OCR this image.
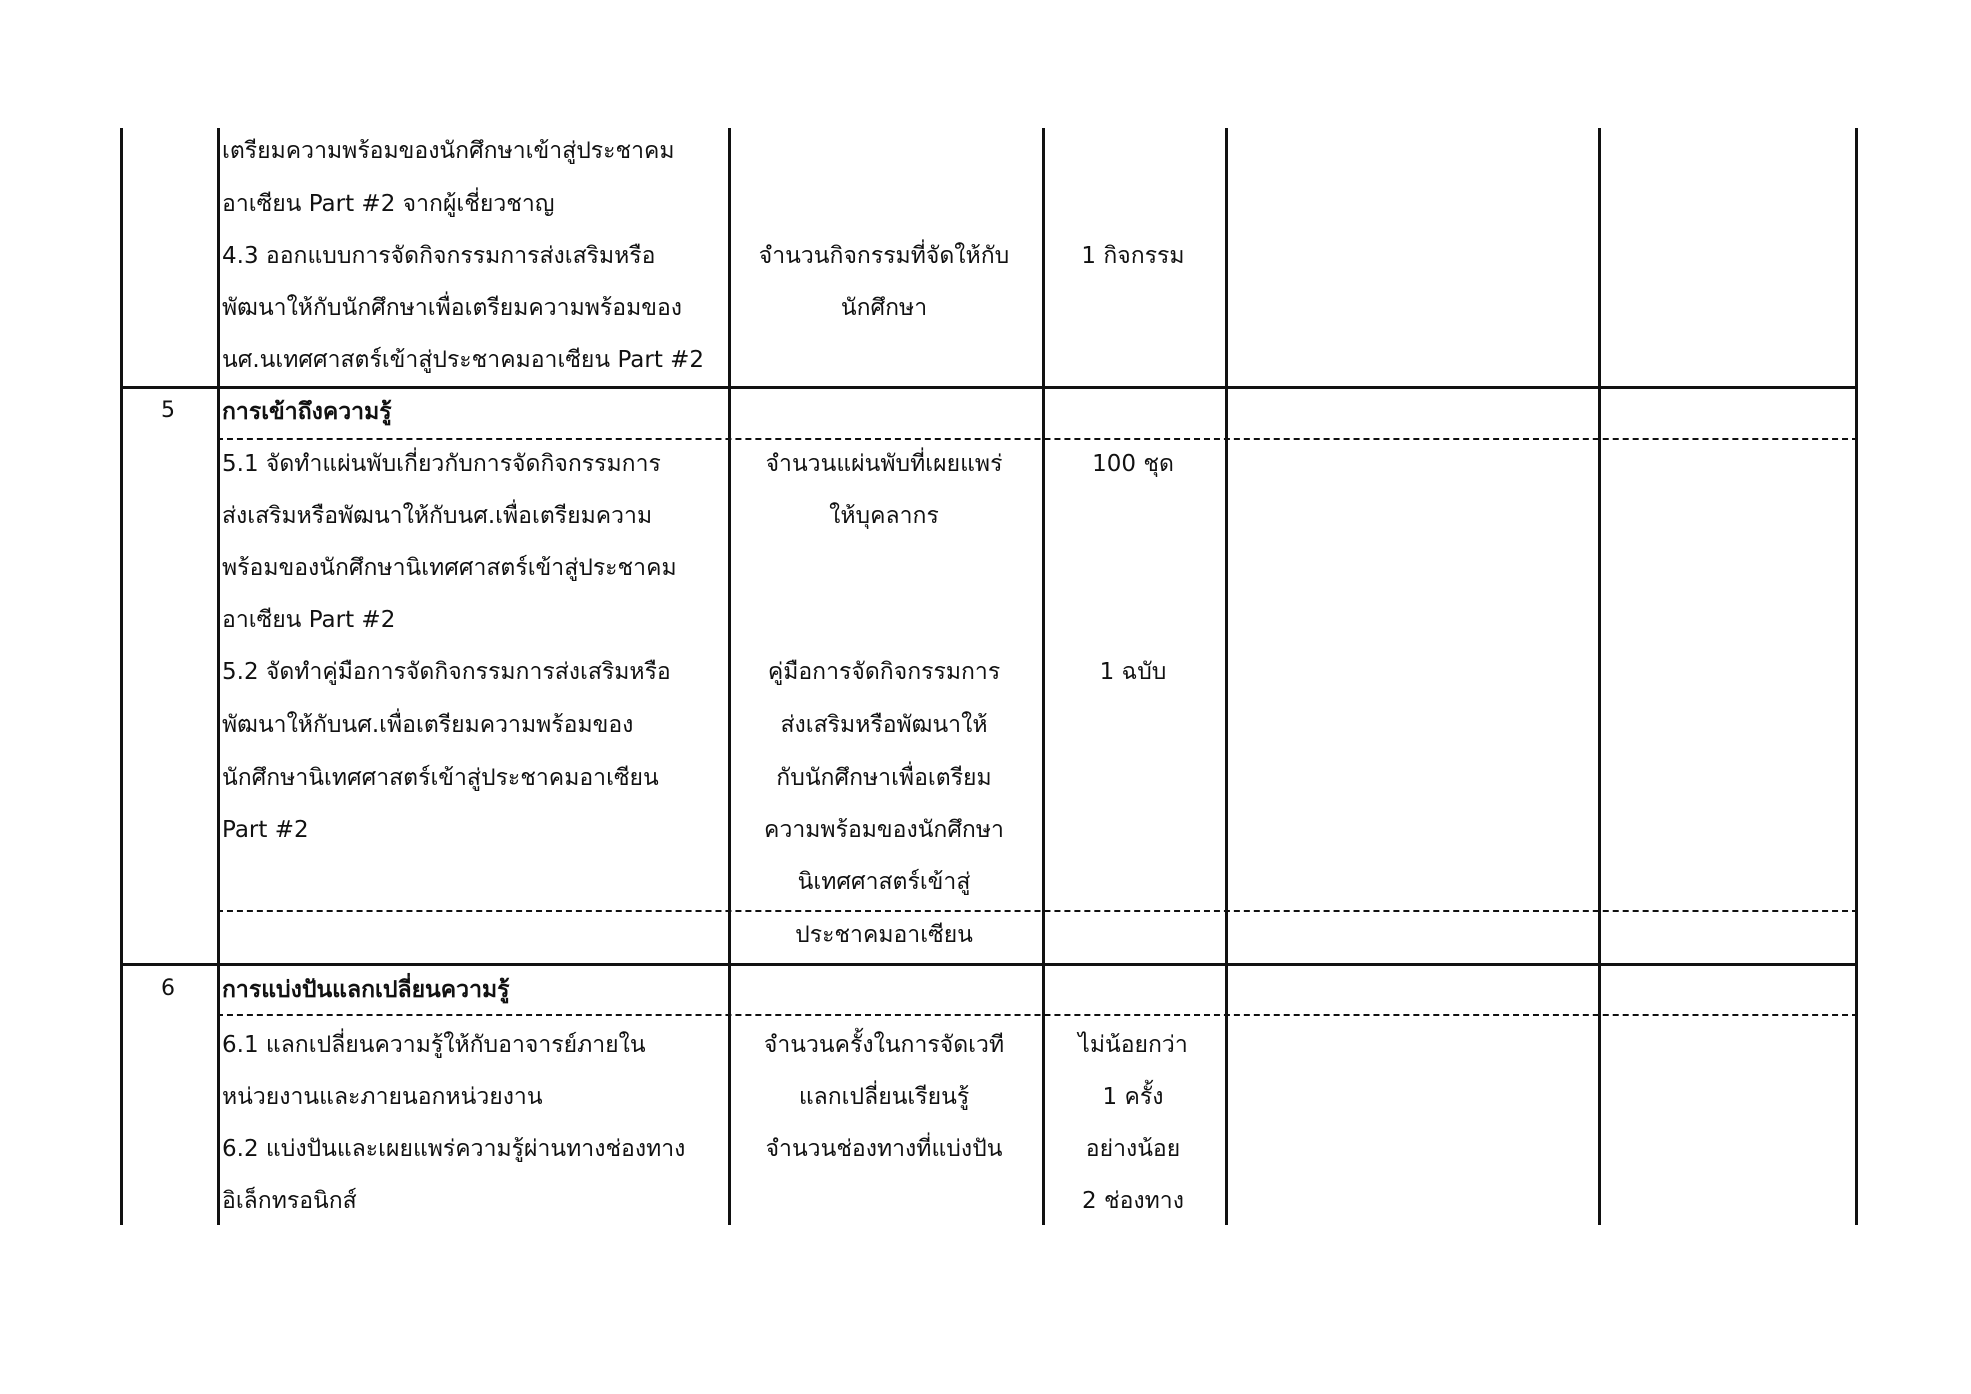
เตรียมความพร้อมของนักศึกษาเข้าสู่ประชาคม
อาเซียน Part #2 จากผู้เชี่ยวชาญ
4.3 ออกแบบการจัดกิจกรรมการส่งเสริมหรือ
พัฒนาให้กับนักศึกษาเพื่อเตรียมความพร้อมของ
นศ.นเทศศาสตร์เข้าสู่ประชาคมอาเซียน Part #2
จำนวนกิจกรรมที่จัดให้กับ
นักศึกษา
1 กิจกรรม
5 การเข้าถึงความรู้
5.1 จัดทำแผ่นพับเกี่ยวกับการจัดกิจกรรมการ
ส่งเสริมหรือพัฒนาให้กับนศ.เพื่อเตรียมความ
พร้อมของนักศึกษานิเทศศาสตร์เข้าสู่ประชาคม
อาเซียน Part #2
5.2 จัดทำคู่มือการจัดกิจกรรมการส่งเสริมหรือ
พัฒนาให้กับนศ.เพื่อเตรียมความพร้อมของ
นักศึกษานิเทศศาสตร์เข้าสู่ประชาคมอาเซียน
Part #2
จำนวนแผ่นพับที่เผยแพร่
ให้บุคลากร
คู่มือการจัดกิจกรรมการ
ส่งเสริมหรือพัฒนาให้
กับนักศึกษาเพื่อเตรียม
ความพร้อมของนักศึกษา
นิเทศศาสตร์เข้าสู่
ประชาคมอาเซียน
100 ชุด
1 ฉบับ
6 การแบ่งปันแลกเปลี่ยนความรู้
6.1 แลกเปลี่ยนความรู้ให้กับอาจารย์ภายใน
หน่วยงานและภายนอกหน่วยงาน
6.2 แบ่งปันและเผยแพร่ความรู้ผ่านทางช่องทาง
อิเล็กทรอนิกส์
จำนวนครั้งในการจัดเวที
แลกเปลี่ยนเรียนรู้
จำนวนช่องทางที่แบ่งปัน
ไม่น้อยกว่า
1 ครั้ง
อย่างน้อย
2 ช่องทาง
